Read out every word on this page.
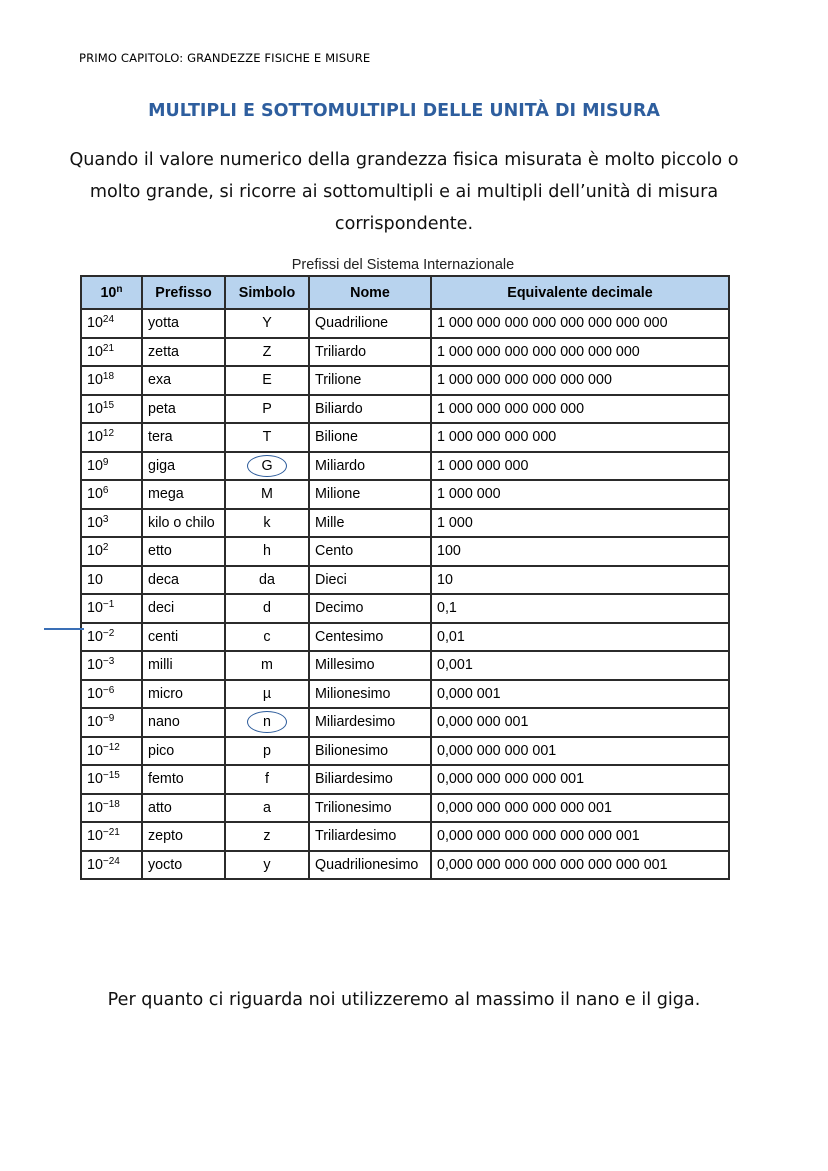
PRIMO CAPITOLO: GRANDEZZE FISICHE E MISURE
MULTIPLI E SOTTOMULTIPLI DELLE UNITÀ DI MISURA
Quando il valore numerico della grandezza fisica misurata è molto piccolo o
molto grande, si ricorre ai sottomultipli e ai multipli dell’unità di misura
corrispondente.
Prefissi del Sistema Internazionale
10$^n$	Prefisso	Simbolo	Nome	Equivalente decimale
$10^{24}$	yotta	Y	Quadrilione	1 000 000 000 000 000 000 000 000
$10^{21}$	zetta	Z	Triliardo	1 000 000 000 000 000 000 000
$10^{18}$	exa	E	Trilione	1 000 000 000 000 000 000
$10^{15}$	peta	P	Biliardo	1 000 000 000 000 000
$10^{12}$	tera	T	Bilione	1 000 000 000 000
$10^9$	giga	G	Miliardo	1 000 000 000
$10^6$	mega	M	Milione	1 000 000
$10^3$	kilo o chilo	k	Mille	1 000
$10^2$	etto	h	Cento	100
10	deca	da	Dieci	10
$10^{-1}$	deci	d	Decimo	0,1
$10^{-2}$	centi	c	Centesimo	0,01
$10^{-3}$	milli	m	Millesimo	0,001
$10^{-6}$	micro	µ	Milionesimo	0,000 001
$10^{-9}$	nano	n	Miliardesimo	0,000 000 001
$10^{-12}$	pico	p	Bilionesimo	0,000 000 000 001
$10^{-15}$	femto	f	Biliardesimo	0,000 000 000 000 001
$10^{-18}$	atto	a	Trilionesimo	0,000 000 000 000 000 001
$10^{-21}$	zepto	z	Triliardesimo	0,000 000 000 000 000 000 001
$10^{-24}$	yocto	y	Quadrilionesimo	0,000 000 000 000 000 000 000 001
Per quanto ci riguarda noi utilizzeremo al massimo il nano e il giga.
